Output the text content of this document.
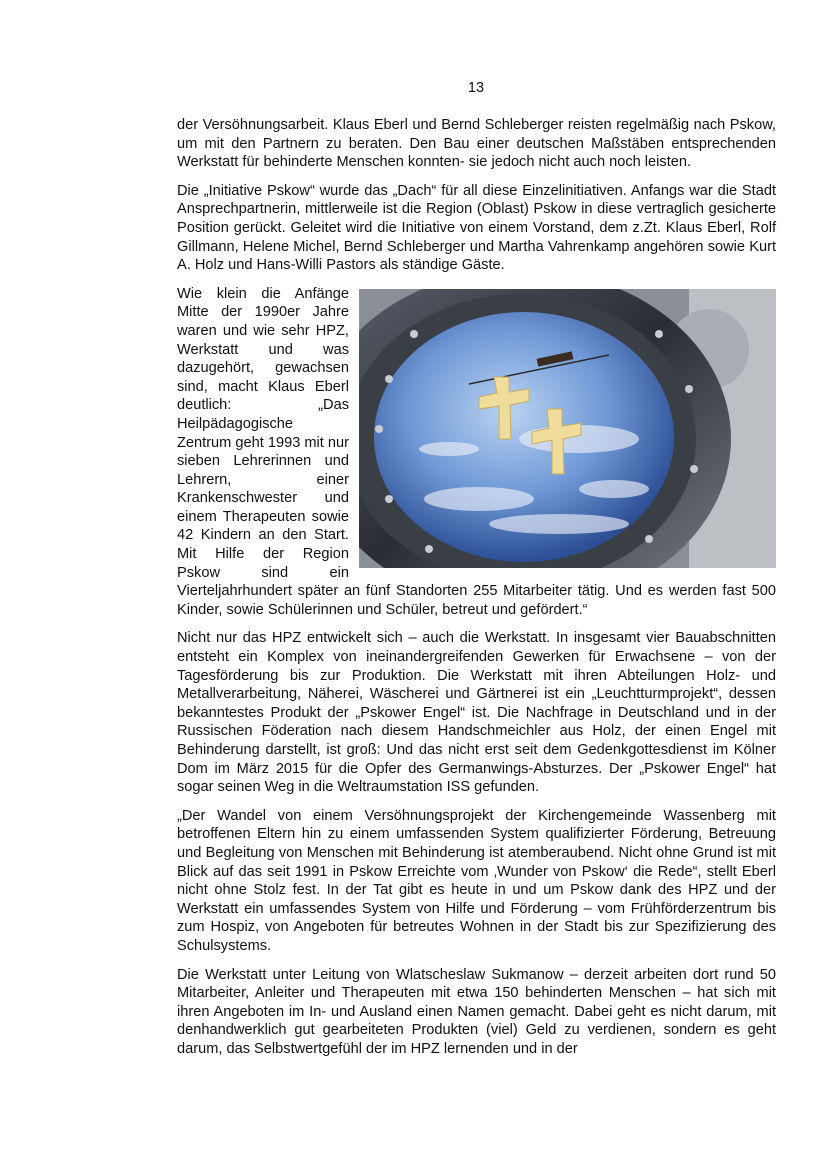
13

der Versöhnungsarbeit. Klaus Eberl und Bernd Schleberger reisten regelmäßig nach Pskow, um mit den Partnern zu beraten. Den Bau einer deutschen Maßstäben entsprechenden Werkstatt für behinderte Menschen konnten- sie jedoch nicht auch noch leisten.

Die „Initiative Pskow“ wurde das „Dach“ für all diese Einzelinitiativen. Anfangs war die Stadt Ansprechpartnerin, mittlerweile ist die Region (Oblast) Pskow in diese vertraglich gesicherte Position gerückt. Geleitet wird die Initiative von einem Vorstand, dem z.Zt. Klaus Eberl, Rolf Gillmann, Helene Michel, Bernd Schleberger und Martha Vahrenkamp angehören sowie Kurt A. Holz und Hans-Willi Pastors als ständige Gäste.

Wie klein die Anfänge Mitte der 1990er Jahre waren und wie sehr HPZ, Werkstatt und was dazugehört, gewachsen sind, macht Klaus Eberl deutlich: „Das Heilpädagogische Zentrum geht 1993 mit nur sieben Lehrerinnen und Lehrern, einer Krankenschwester und einem Therapeuten sowie 42 Kindern an den Start. Mit Hilfe der Region Pskow sind ein Vierteljahrhundert später an fünf Standorten 255 Mitarbeiter tätig. Und es werden fast 500 Kinder, sowie Schülerinnen und Schüler, betreut und gefördert.“

Nicht nur das HPZ entwickelt sich – auch die Werkstatt. In insgesamt vier Bauabschnitten entsteht ein Komplex von ineinandergreifenden Gewerken für Erwachsene – von der Tagesförderung bis zur Produktion. Die Werkstatt mit ihren Abteilungen Holz- und Metallverarbeitung, Näherei, Wäscherei und Gärtnerei ist ein „Leuchtturmprojekt“, dessen bekanntestes Produkt der „Pskower Engel“ ist. Die Nachfrage in Deutschland und in der Russischen Föderation nach diesem Handschmeichler aus Holz, der einen Engel mit Behinderung darstellt, ist groß: Und das nicht erst seit dem Gedenkgottesdienst im Kölner Dom im März 2015 für die Opfer des Germanwings-Absturzes. Der „Pskower Engel“ hat sogar seinen Weg in die Weltraumstation ISS gefunden.

„Der Wandel von einem Versöhnungsprojekt der Kirchengemeinde Wassenberg mit betroffenen Eltern hin zu einem umfassenden System qualifizierter Förderung, Betreuung und Begleitung von Menschen mit Behinderung ist atemberaubend. Nicht ohne Grund ist mit Blick auf das seit 1991 in Pskow Erreichte vom ‚Wunder von Pskow‘ die Rede“, stellt Eberl nicht ohne Stolz fest. In der Tat gibt es heute in und um Pskow dank des HPZ und der Werkstatt ein umfassendes System von Hilfe und Förderung – vom Frühförderzentrum bis zum Hospiz, von Angeboten für betreutes Wohnen in der Stadt bis zur Spezifizierung des Schulsystems.

Die Werkstatt unter Leitung von Wlatscheslaw Sukmanow – derzeit arbeiten dort rund 50 Mitarbeiter, Anleiter und Therapeuten mit etwa 150 behinderten Menschen – hat sich mit ihren Angeboten im In- und Ausland einen Namen gemacht. Dabei geht es nicht darum, mit denhandwerklich gut gearbeiteten Produkten (viel) Geld zu verdienen, sondern es geht darum, das Selbstwertgefühl der im HPZ lernenden und in der
